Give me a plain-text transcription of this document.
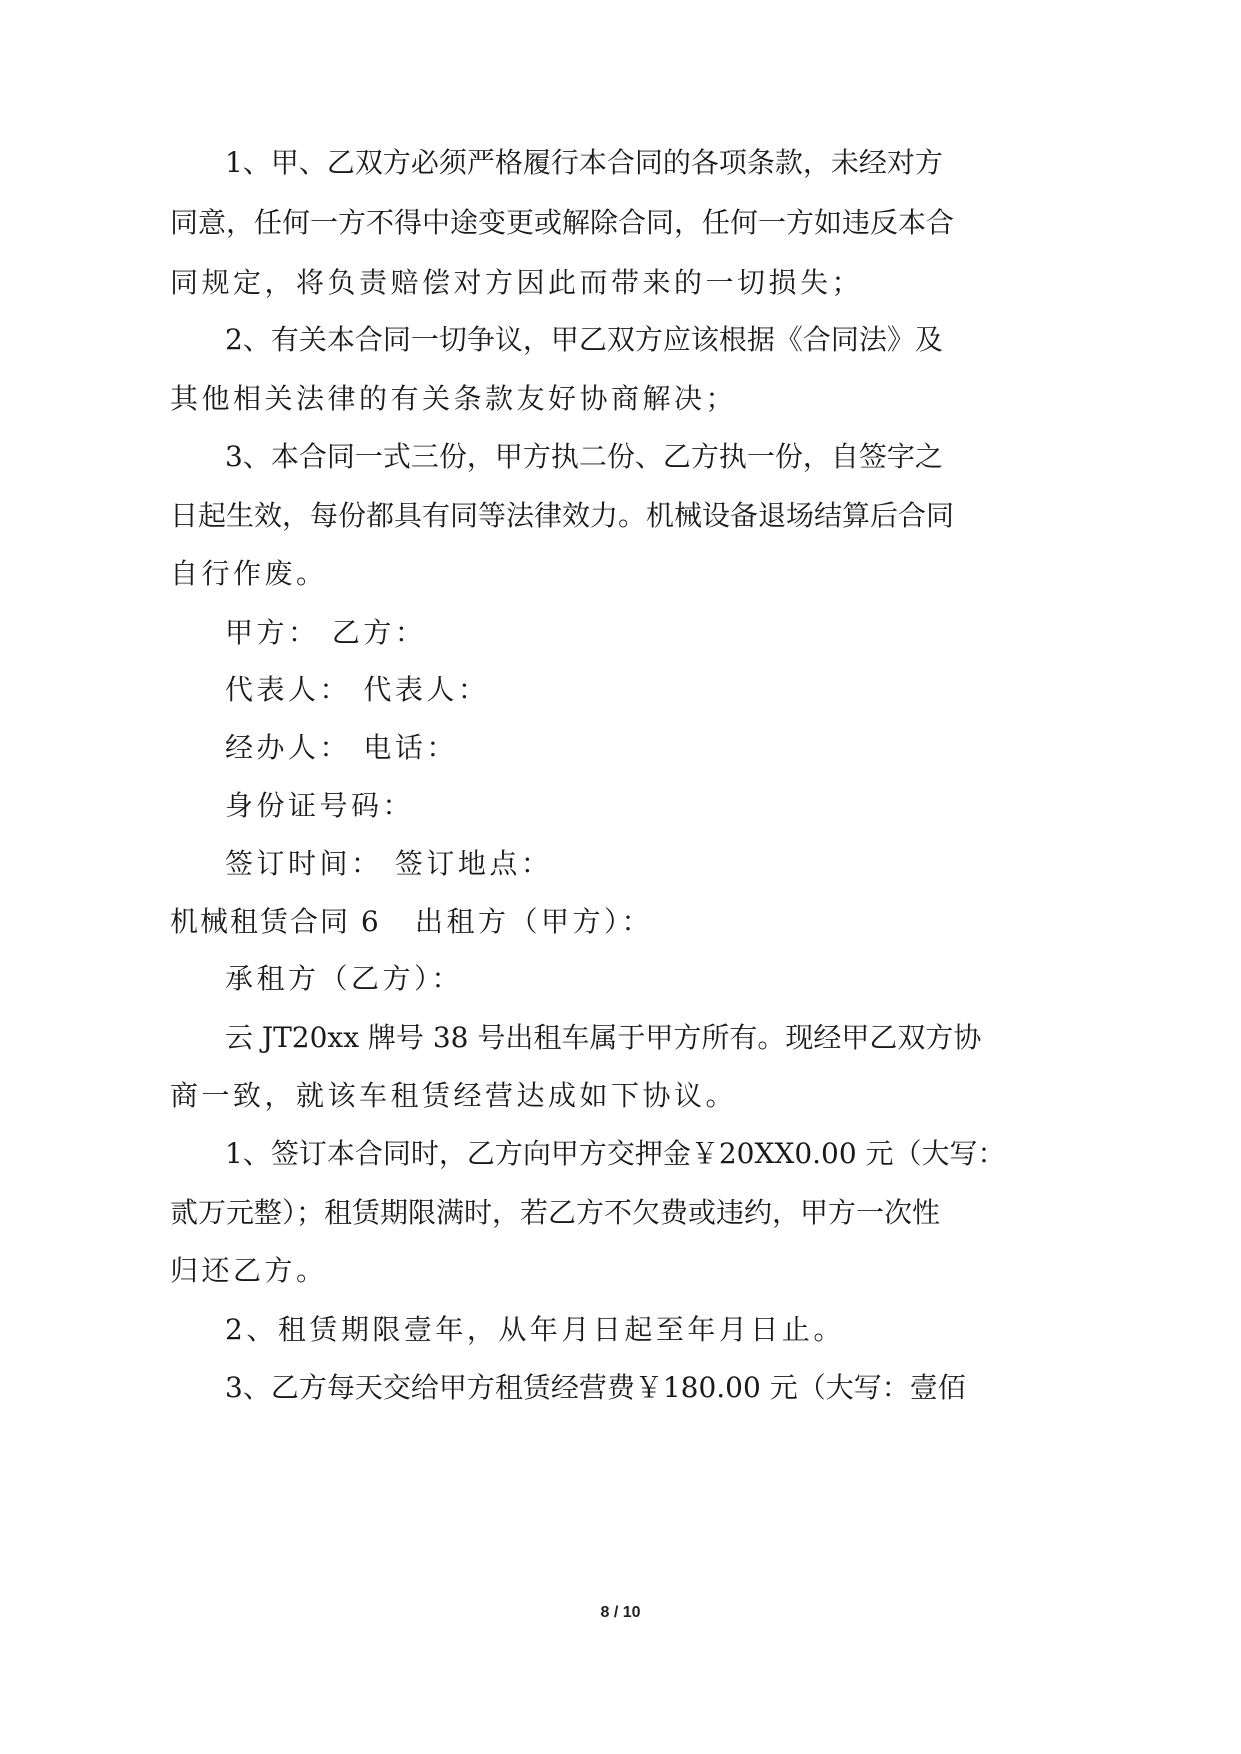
1、甲、乙双方必须严格履行本合同的各项条款，未经对方
同意，任何一方不得中途变更或解除合同，任何一方如违反本合
同规定，将负责赔偿对方因此而带来的一切损失；
2、有关本合同一切争议，甲乙双方应该根据《合同法》及
其他相关法律的有关条款友好协商解决；
3、本合同一式三份，甲方执二份、乙方执一份，自签字之
日起生效，每份都具有同等法律效力。机械设备退场结算后合同
自行作废。
甲方： 乙方：
代表人： 代表人：
经办人： 电话：
身份证号码：
签订时间： 签订地点：
机械租赁合同 6 出租方（甲方）：
承租方（乙方）：
云 JT20xx 牌号 38 号出租车属于甲方所有。现经甲乙双方协
商一致，就该车租赁经营达成如下协议。
1、签订本合同时，乙方向甲方交押金￥20XX0.00 元（大写：
贰万元整）；租赁期限满时，若乙方不欠费或违约，甲方一次性
归还乙方。
2、租赁期限壹年，从年月日起至年月日止。
3、乙方每天交给甲方租赁经营费￥180.00 元（大写：壹佰
8 / 10
